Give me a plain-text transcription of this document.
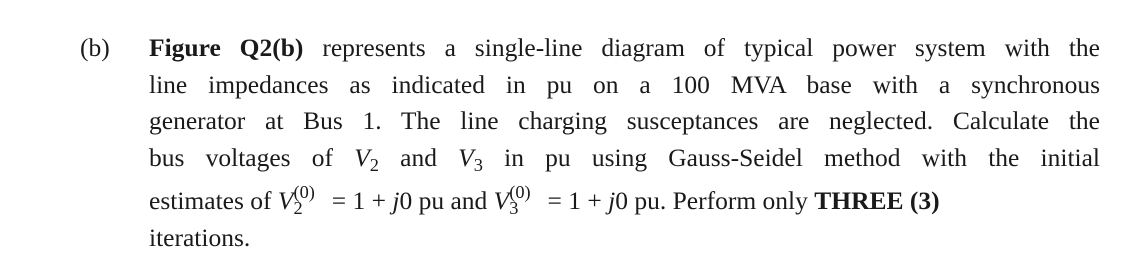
(b) Figure Q2(b) represents a single-line diagram of typical power system with the
line impedances as indicated in pu on a 100 MVA base with a synchronous
generator at Bus 1. The line charging susceptances are neglected. Calculate the
bus voltages of $V_2$ and $V_3$ in pu using Gauss-Seidel method with the initial
estimates of V (0)
2 = 1 + j0 pu and V (0)
3 = 1 + j0 pu. Perform only THREE (3)
iterations.
